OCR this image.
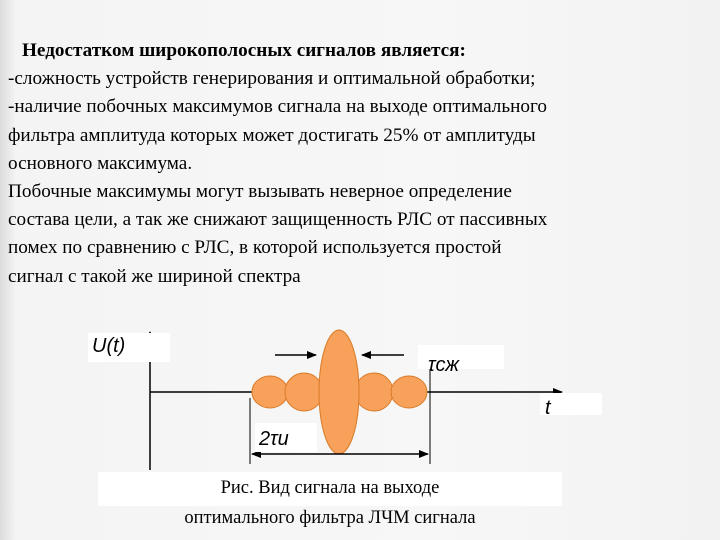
Недостатком широкополосных сигналов является:

-сложность устройств генерирования и оптимальной обработки;

-наличие побочных максимумов сигнала на выходе оптимального

фильтра амплитуда которых может достигать 25% от амплитуды

основного максимума.

Побочные максимумы могут вызывать неверное определение

состава цели, а так же снижают защищенность РЛС от пассивных

помех по сравнению с РЛС, в которой используется простой

сигнал с такой же шириной спектра

U(t)
τсж
t
2τи
Рис. Вид сигнала на выходе
оптимального фильтра ЛЧМ сигнала
